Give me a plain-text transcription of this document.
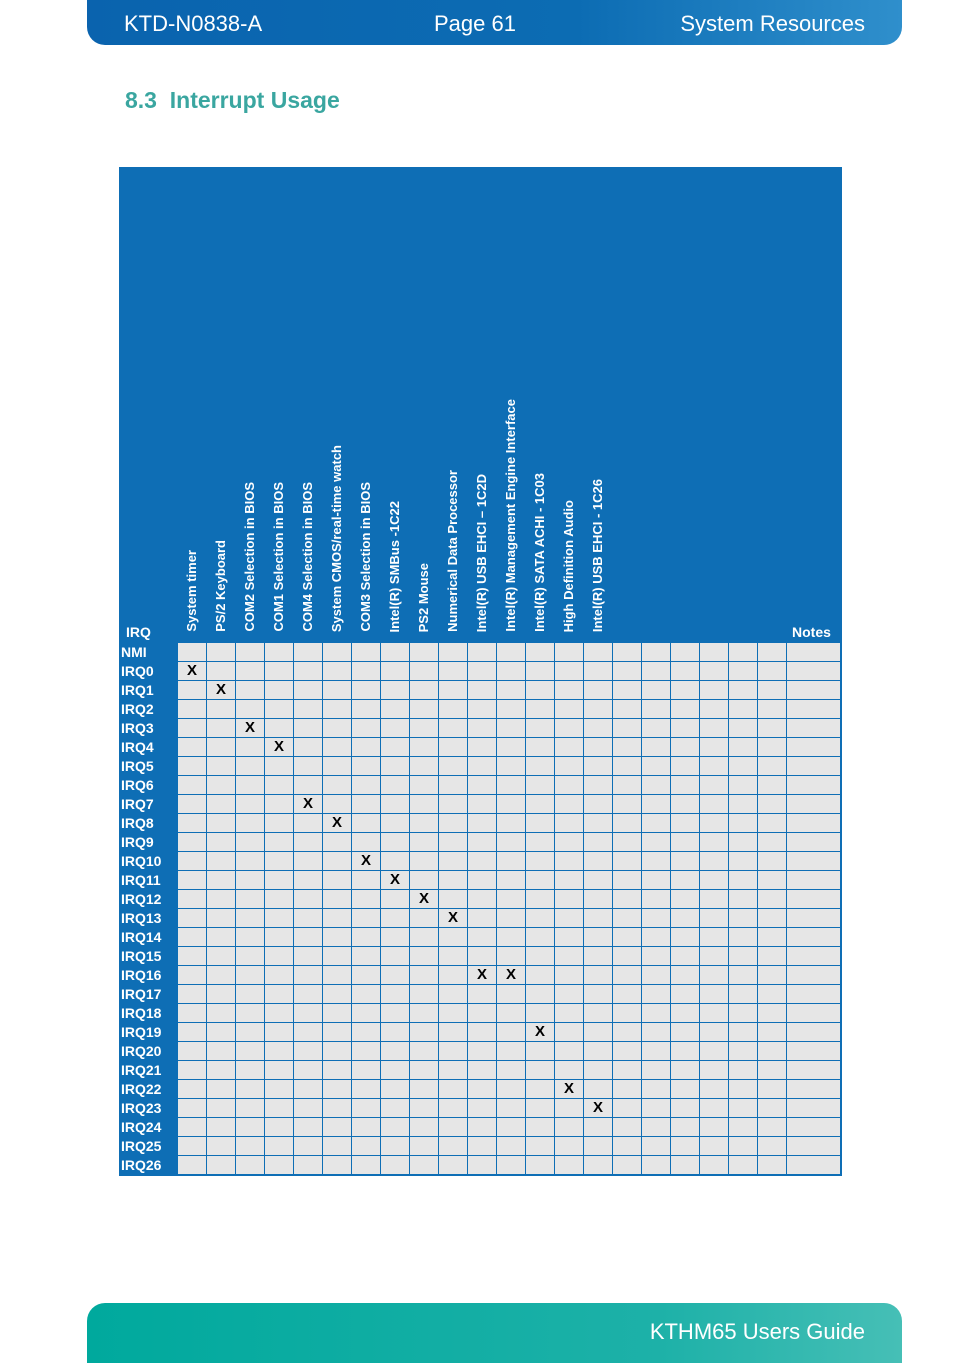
KTD-N0838-A	Page 61	System Resources
8.3 Interrupt Usage
IRQ	System timer	PS/2 Keyboard	COM2 Selection in BIOS	COM1 Selection in BIOS	COM4 Selection in BIOS	System CMOS/real-time watch	COM3 Selection in BIOS	Intel(R) SMBus -1C22	PS2 Mouse	Numerical Data Processor	Intel(R) USB EHCI – 1C2D	Intel(R) Management Engine Interface	Intel(R) SATA ACHI - 1C03	High Definition Audio	Intel(R) USB EHCI - 1C26							Notes

NMI																						
IRQ0	X																					
IRQ1		X																				
IRQ2																						
IRQ3			X																			
IRQ4				X																		
IRQ5																						
IRQ6																						
IRQ7					X																	
IRQ8						X																
IRQ9																						
IRQ10							X															
IRQ11								X														
IRQ12									X													
IRQ13										X												
IRQ14																						
IRQ15																						
IRQ16											X	X										
IRQ17																						
IRQ18																						
IRQ19													X									
IRQ20																						
IRQ21																						
IRQ22														X								
IRQ23															X							
IRQ24																						
IRQ25																						
IRQ26																						
KTHM65 Users Guide
